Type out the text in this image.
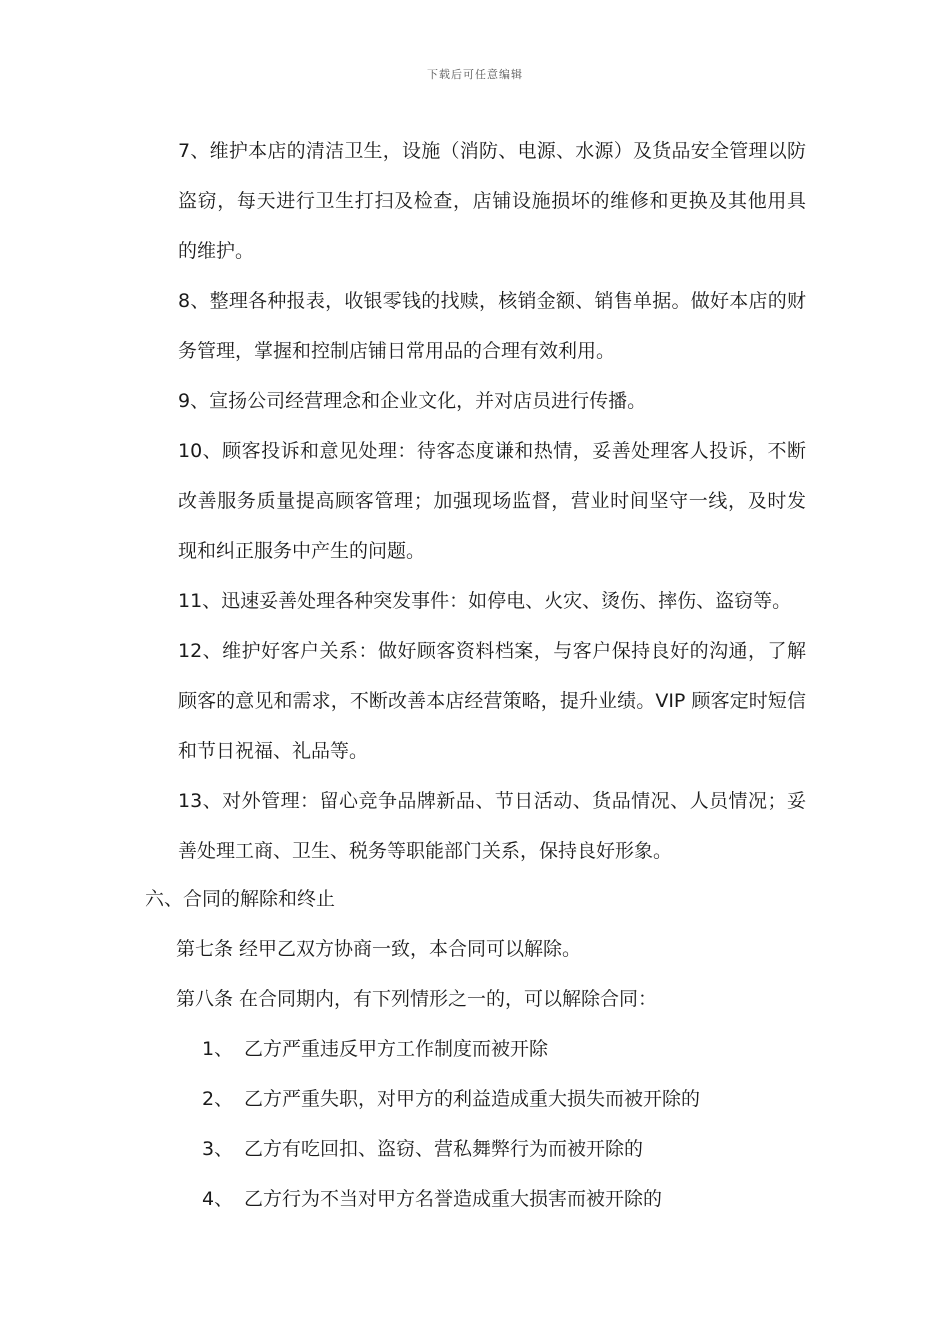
下载后可任意编辑
7、维护本店的清洁卫生，设施（消防、电源、水源）及货品安全管理以防
盗窃，每天进行卫生打扫及检查，店铺设施损坏的维修和更换及其他用具
的维护。
8、整理各种报表，收银零钱的找赎，核销金额、销售单据。做好本店的财
务管理，掌握和控制店铺日常用品的合理有效利用。
9、宣扬公司经营理念和企业文化，并对店员进行传播。
10、顾客投诉和意见处理：待客态度谦和热情，妥善处理客人投诉，不断
改善服务质量提高顾客管理；加强现场监督，营业时间坚守一线，及时发
现和纠正服务中产生的问题。
11、迅速妥善处理各种突发事件：如停电、火灾、烫伤、摔伤、盗窃等。
12、维护好客户关系：做好顾客资料档案，与客户保持良好的沟通，了解
顾客的意见和需求，不断改善本店经营策略，提升业绩。VIP 顾客定时短信
和节日祝福、礼品等。
13、对外管理：留心竞争品牌新品、节日活动、货品情况、人员情况；妥
善处理工商、卫生、税务等职能部门关系，保持良好形象。
六、合同的解除和终止
第七条 经甲乙双方协商一致，本合同可以解除。
第八条 在合同期内，有下列情形之一的，可以解除合同：
1、 乙方严重违反甲方工作制度而被开除
2、 乙方严重失职，对甲方的利益造成重大损失而被开除的
3、 乙方有吃回扣、盗窃、营私舞弊行为而被开除的
4、 乙方行为不当对甲方名誉造成重大损害而被开除的
